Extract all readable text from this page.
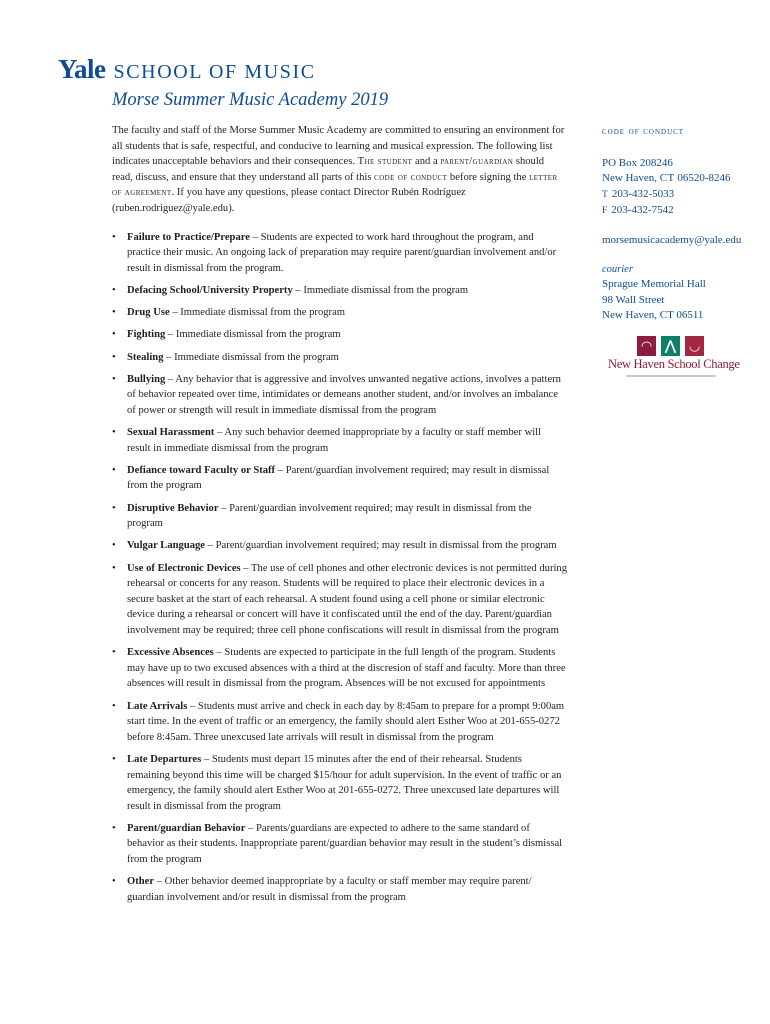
Yale SCHOOL OF MUSIC
Morse Summer Music Academy 2019

The faculty and staff of the Morse Summer Music Academy are committed to ensuring an environment for all students that is safe, respectful, and conducive to learning and musical expression. The following list indicates unacceptable behaviors and their consequences. The student and a parent/guardian should read, discuss, and ensure that they understand all parts of this code of conduct before signing the letter of agreement. If you have any questions, please contact Director Rubén Rodríguez (ruben.rodriguez@yale.edu).

• Failure to Practice/Prepare – Students are expected to work hard throughout the program, and practice their music. An ongoing lack of preparation may require parent/guardian involvement and/or result in dismissal from the program.
• Defacing School/University Property – Immediate dismissal from the program
• Drug Use – Immediate dismissal from the program
• Fighting – Immediate dismissal from the program
• Stealing – Immediate dismissal from the program
• Bullying – Any behavior that is aggressive and involves unwanted negative actions, involves a pattern of behavior repeated over time, intimidates or demeans another student, and/or involves an imbalance of power or strength will result in immediate dismissal from the program
• Sexual Harassment – Any such behavior deemed inappropriate by a faculty or staff member will result in immediate dismissal from the program
• Defiance toward Faculty or Staff – Parent/guardian involvement required; may result in dismissal from the program
• Disruptive Behavior – Parent/guardian involvement required; may result in dismissal from the program
• Vulgar Language – Parent/guardian involvement required; may result in dismissal from the program
• Use of Electronic Devices – The use of cell phones and other electronic devices is not permitted during rehearsal or concerts for any reason. Students will be required to place their electronic devices in a secure basket at the start of each rehearsal. A student found using a cell phone or similar electronic device during a rehearsal or concert will have it confiscated until the end of the day. Parent/guardian involvement may be required; three cell phone confiscations will result in dismissal from the program
• Excessive Absences – Students are expected to participate in the full length of the program. Students may have up to two excused absences with a third at the discresion of staff and faculty. More than three absences will result in dismissal from the program. Absences will be not excused for appointments
• Late Arrivals – Students must arrive and check in each day by 8:45am to prepare for a prompt 9:00am start time. In the event of traffic or an emergency, the family should alert Esther Woo at 201-655-0272 before 8:45am. Three unexcused late arrivals will result in dismissal from the program
• Late Departures – Students must depart 15 minutes after the end of their rehearsal. Students remaining beyond this time will be charged $15/hour for adult supervision. In the event of traffic or an emergency, the family should alert Esther Woo at 201-655-0272. Three unexcused late departures will result in dismissal from the program
• Parent/guardian Behavior – Parents/guardians are expected to adhere to the same standard of behavior as their students. Inappropriate parent/guardian behavior may result in the student’s dismissal from the program
• Other – Other behavior deemed inappropriate by a faculty or staff member may require parent/ guardian involvement and/or result in dismissal from the program
code of conduct
PO Box 208246
New Haven, CT 06520-8246
T 203-432-5033
F 203-432-7542
morsemusicacademy@yale.edu
courier
Sprague Memorial Hall
98 Wall Street
New Haven, CT 06511
◠ ⋀	◡
New Haven School Change
